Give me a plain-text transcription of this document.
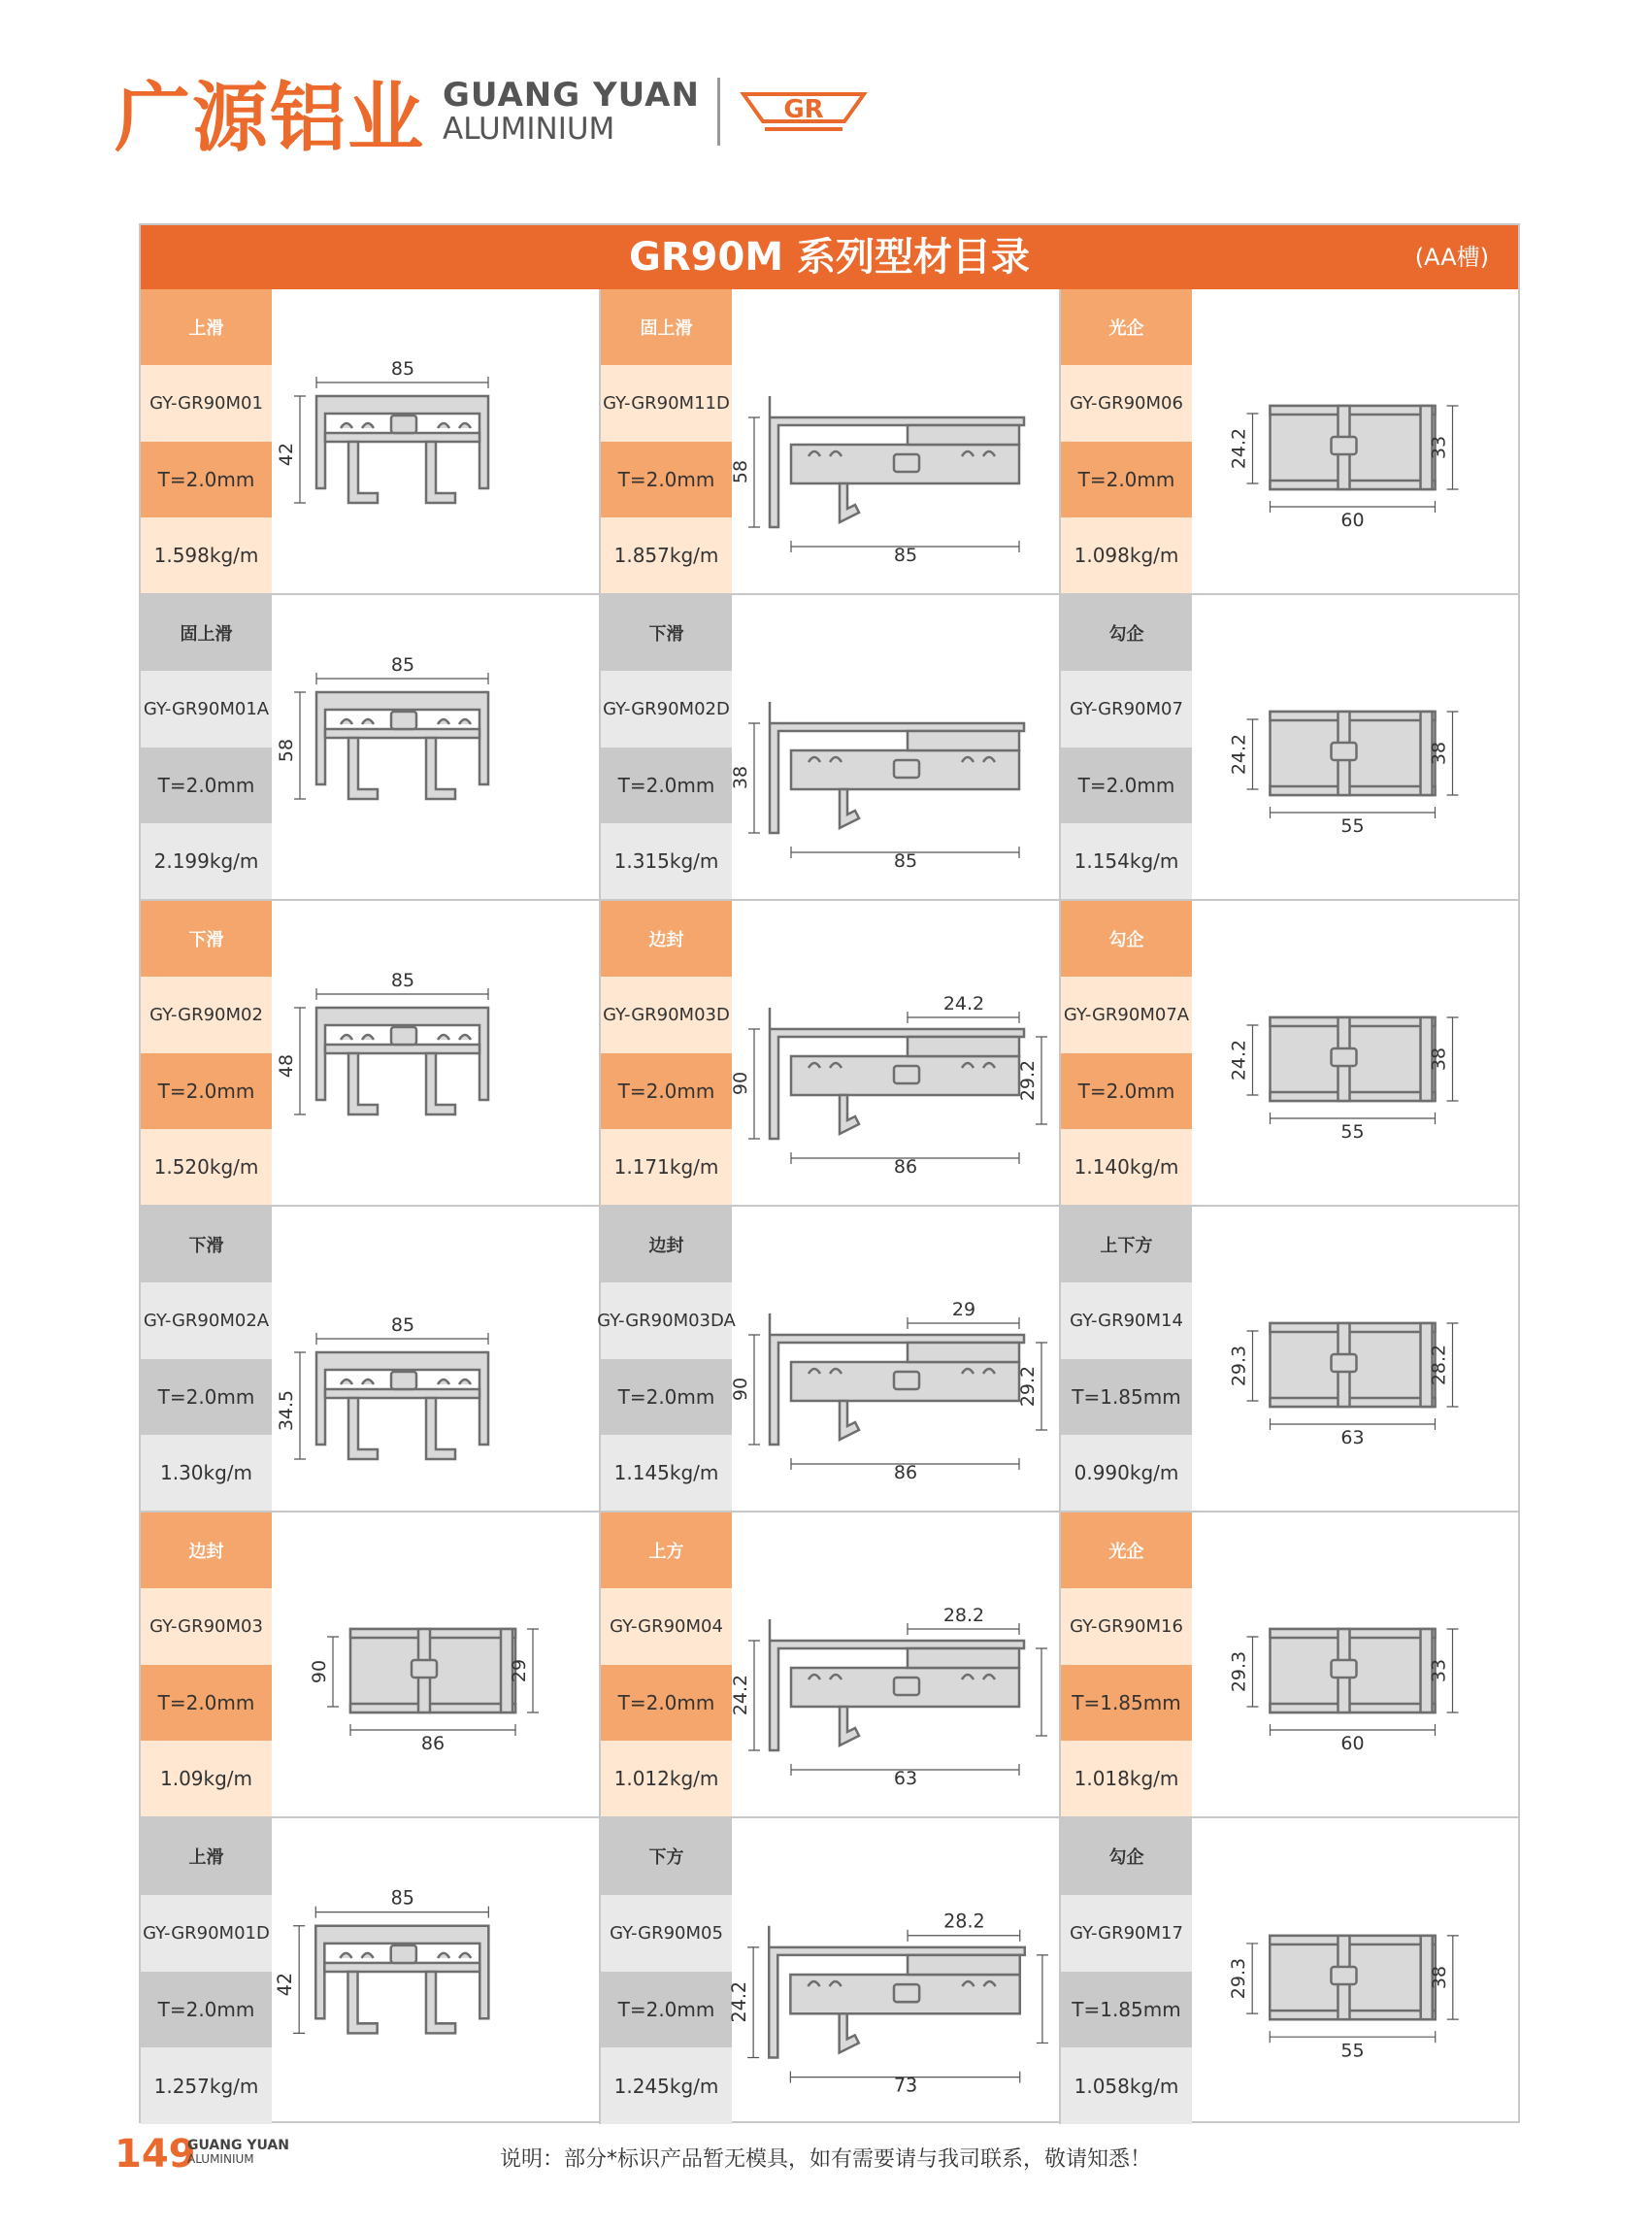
广源铝业 GUANG YUAN
ALUMINIUM
GR
GR90M 系列型材目录	(AA槽)
上滑
GY-GR90M01
T=2.0mm
1.598kg/m
85
42
固上滑
GY-GR90M11D
T=2.0mm
1.857kg/m	85
58
光企
GY-GR90M06
T=2.0mm
1.098kg/m
60
24.2	33
固上滑
GY-GR90M01A
T=2.0mm
2.199kg/m
85
58
下滑
GY-GR90M02D
T=2.0mm
1.315kg/m	85
38
勾企
GY-GR90M07
T=2.0mm
1.154kg/m
55
24.2	38
下滑
GY-GR90M02
T=2.0mm
1.520kg/m
85
48
边封
GY-GR90M03D
T=2.0mm
1.171kg/m	86
24.2
29.2
90
勾企
GY-GR90M07A
T=2.0mm
1.140kg/m
55
24.2	38
下滑
GY-GR90M02A
T=2.0mm
1.30kg/m
85
34.5
边封
GY-GR90M03DA
T=2.0mm
1.145kg/m	86
29
29.2
90
上下方
GY-GR90M14
T=1.85mm
0.990kg/m
63
29.3	28.2
边封
GY-GR90M03
T=2.0mm
1.09kg/m
86
90	29
上方
GY-GR90M04
T=2.0mm
1.012kg/m	63
28.2
24.2
光企
GY-GR90M16
T=1.85mm
1.018kg/m
60
29.3	33
上滑
GY-GR90M01D
T=2.0mm
1.257kg/m
85
42
下方
GY-GR90M05
T=2.0mm
1.245kg/m	73
28.2
24.2
勾企
GY-GR90M17
T=1.85mm
1.058kg/m
55
29.3	38
149
GUANG YUAN
ALUMINIUM	说明：部分*标识产品暂无模具，如有需要请与我司联系，敬请知悉！
